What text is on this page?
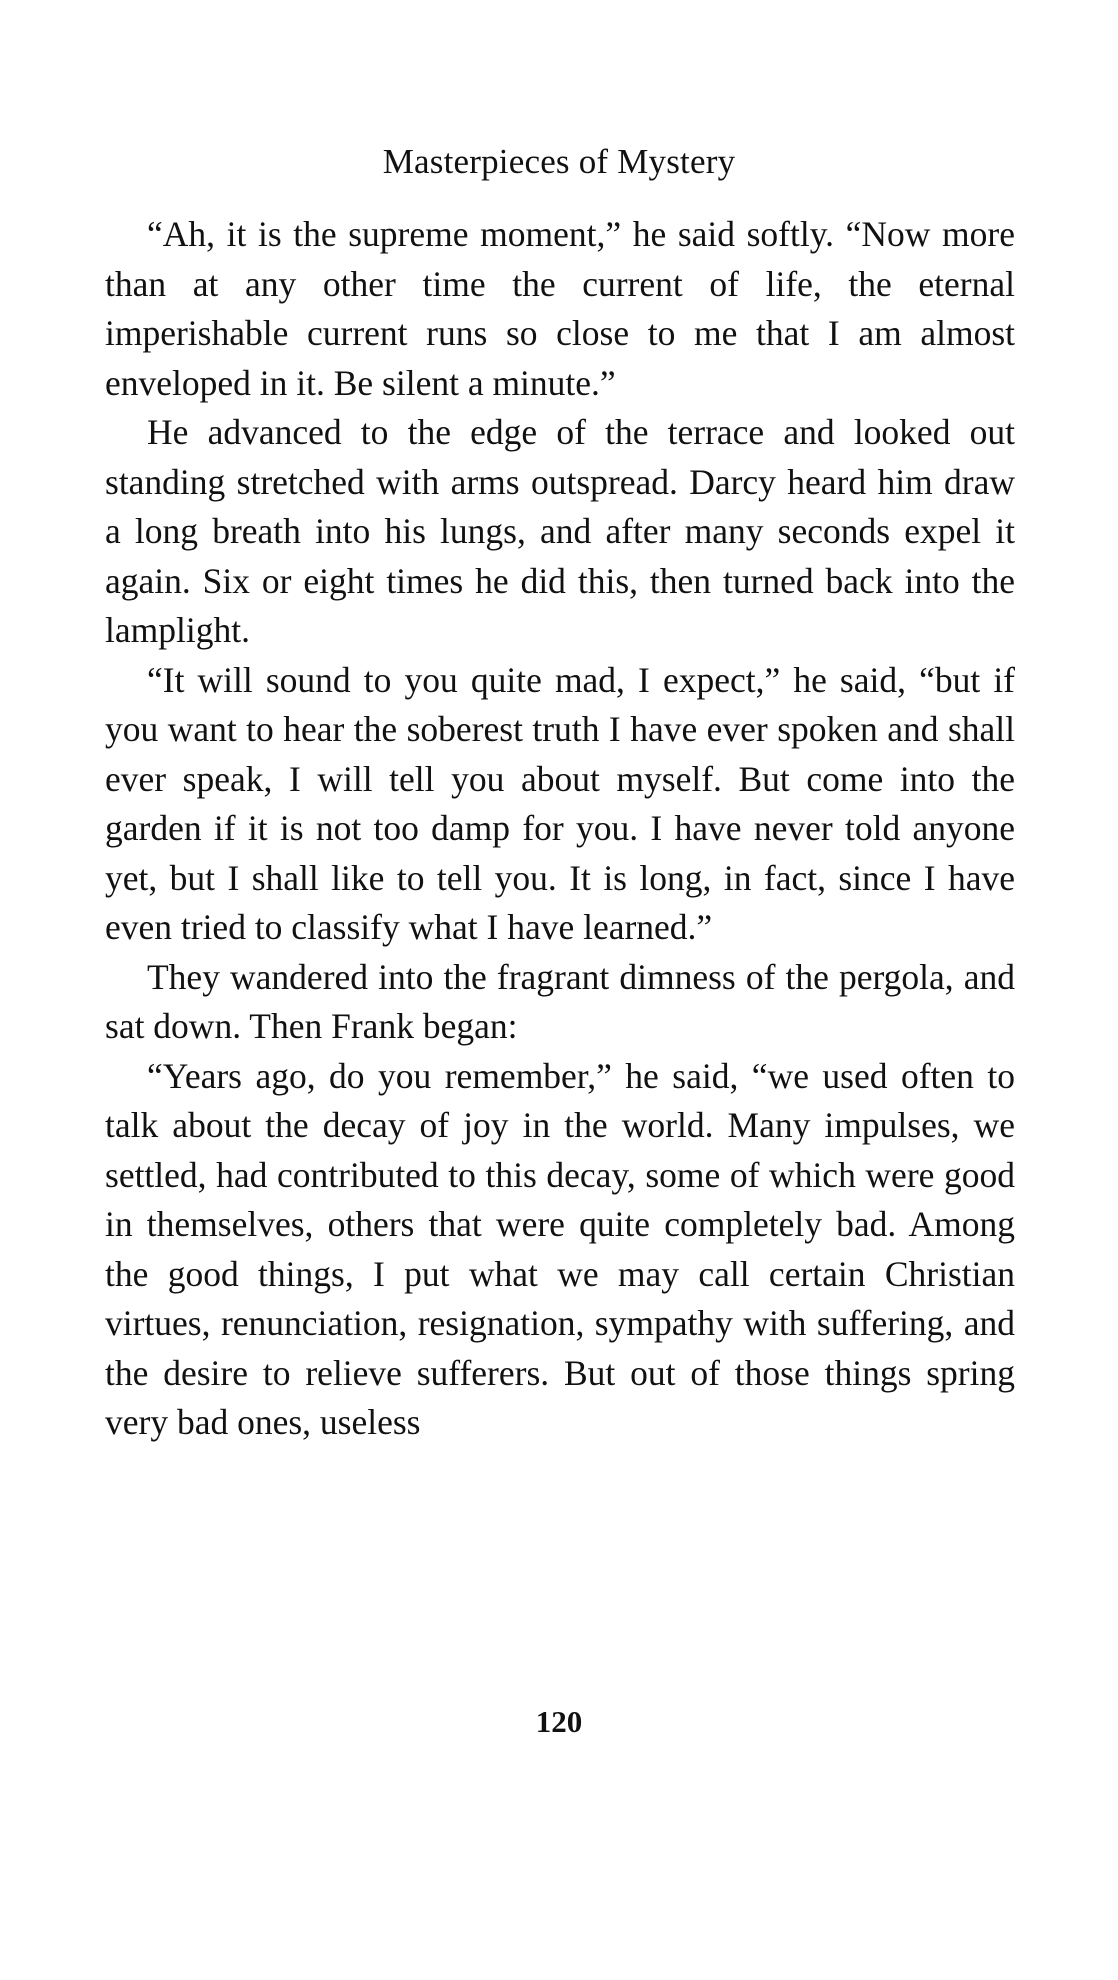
Masterpieces of Mystery

“Ah, it is the supreme moment,” he said softly. “Now more than at any other time the current of life, the eternal imperishable current runs so close to me that I am almost enveloped in it. Be silent a minute.”

He advanced to the edge of the terrace and looked out standing stretched with arms outspread. Darcy heard him draw a long breath into his lungs, and after many seconds expel it again. Six or eight times he did this, then turned back into the lamplight.

“It will sound to you quite mad, I expect,” he said, “but if you want to hear the soberest truth I have ever spoken and shall ever speak, I will tell you about myself. But come into the garden if it is not too damp for you. I have never told anyone yet, but I shall like to tell you. It is long, in fact, since I have even tried to classify what I have learned.”

They wandered into the fragrant dimness of the pergola, and sat down. Then Frank began:

“Years ago, do you remember,” he said, “we used often to talk about the decay of joy in the world. Many impulses, we settled, had contributed to this decay, some of which were good in themselves, others that were quite completely bad. Among the good things, I put what we may call certain Christian virtues, renunciation, resignation, sympathy with suffering, and the desire to relieve sufferers. But out of those things spring very bad ones, useless

120
